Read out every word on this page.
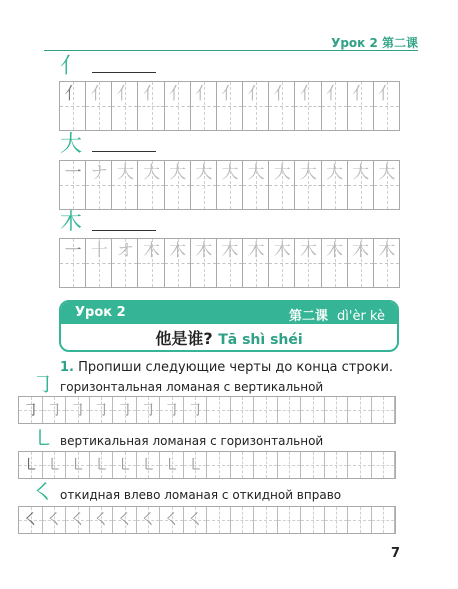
Урок 2 第二课
亻
亻 亻 亻 亻 亻 亻 亻 亻 亻 亻 亻 亻 亻
大
一 ナ 大 大 大 大 大 大 大 大 大 大 大
木
一 十 オ 木 木 木 木 木 木 木 木 木 木
Урок 2	第二课 dì'èr kè
他是谁? Tā shì shéi
1. Пропиши следующие черты до конца строки.
㇆ горизонтальная ломаная с вертикальной
㇆ ㇆ ㇆ ㇆ ㇆ ㇆ ㇆ ㇆
㇄ вертикальная ломаная с горизонтальной
㇄ ㇄ ㇄ ㇄ ㇄ ㇄ ㇄ ㇄
㇛ откидная влево ломаная с откидной вправо
㇛ ㇛ ㇛ ㇛ ㇛ ㇛ ㇛ ㇛
7
